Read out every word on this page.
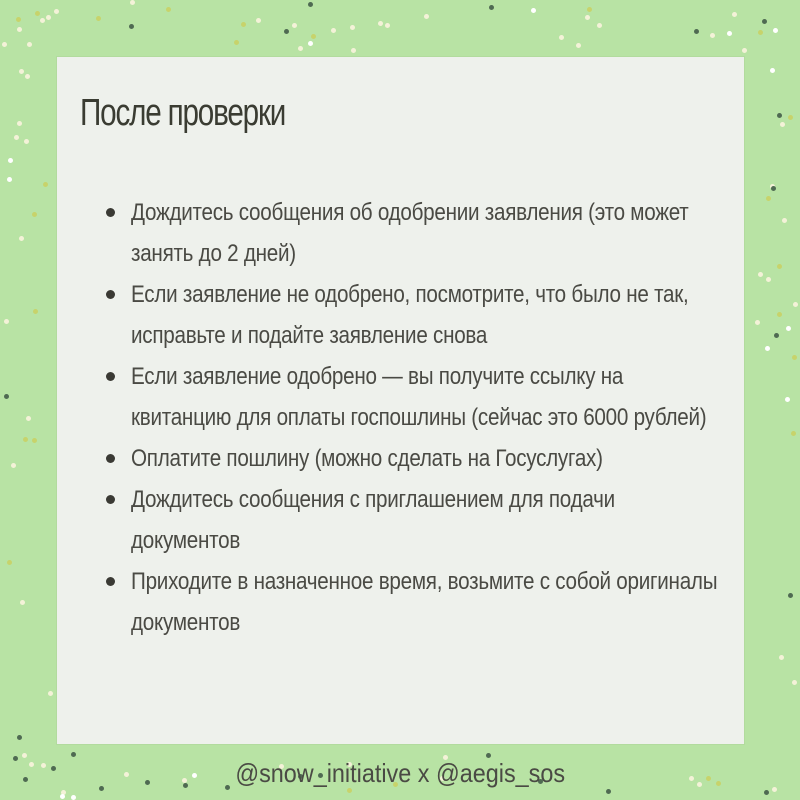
После проверки
Дождитесь сообщения об одобрении заявления (это может занять до 2 дней)
Если заявление не одобрено, посмотрите, что было не так, исправьте и подайте заявление снова
Если заявление одобрено — вы получите ссылку на квитанцию для оплаты госпошлины (сейчас это 6000 рублей)
Оплатите пошлину (можно сделать на Госуслугах)
Дождитесь сообщения с приглашением для подачи документов
Приходите в назначенное время, возьмите с собой оригиналы документов
@snow_initiative x @aegis_sos
